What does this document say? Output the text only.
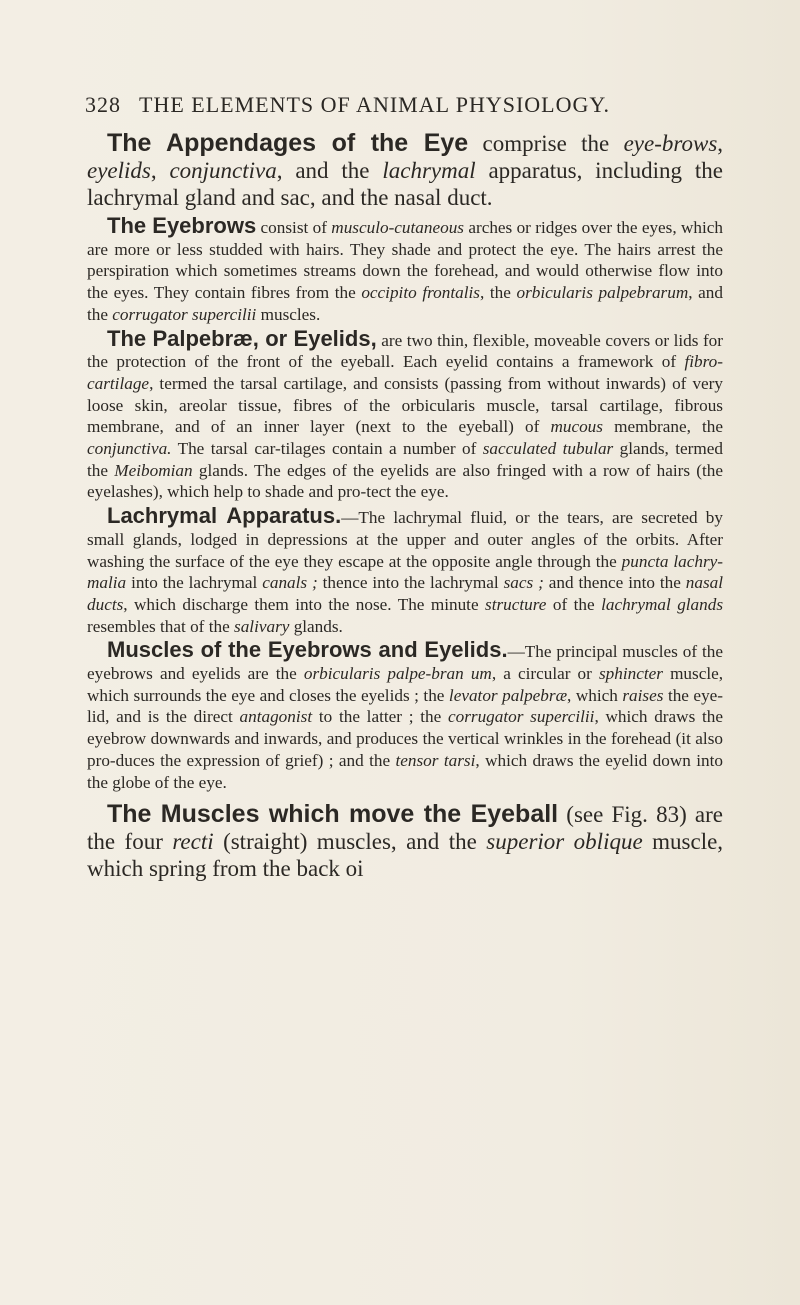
328 THE ELEMENTS OF ANIMAL PHYSIOLOGY.

The Appendages of the Eye comprise the eye-brows, eyelids, conjunctiva, and the lachrymal apparatus, including the lachrymal gland and sac, and the nasal duct.

The Eyebrows consist of musculo-cutaneous arches or ridges over the eyes, which are more or less studded with hairs. They shade and protect the eye. The hairs arrest the perspiration which sometimes streams down the forehead, and would otherwise flow into the eyes. They contain fibres from the occipito frontalis, the orbicularis palpebrarum, and the corrugator supercilii muscles.

The Palpebræ, or Eyelids, are two thin, flexible, moveable covers or lids for the protection of the front of the eyeball. Each eyelid contains a framework of fibro-cartilage, termed the tarsal cartilage, and consists (passing from without inwards) of very loose skin, areolar tissue, fibres of the orbicularis muscle, tarsal cartilage, fibrous membrane, and of an inner layer (next to the eyeball) of mucous membrane, the conjunctiva. The tarsal car-tilages contain a number of sacculated tubular glands, termed the Meibomian glands. The edges of the eyelids are also fringed with a row of hairs (the eyelashes), which help to shade and pro-tect the eye.

Lachrymal Apparatus.—The lachrymal fluid, or the tears, are secreted by small glands, lodged in depressions at the upper and outer angles of the orbits. After washing the surface of the eye they escape at the opposite angle through the puncta lachry-malia into the lachrymal canals ; thence into the lachrymal sacs ; and thence into the nasal ducts, which discharge them into the nose. The minute structure of the lachrymal glands resembles that of the salivary glands.

Muscles of the Eyebrows and Eyelids.—The principal muscles of the eyebrows and eyelids are the orbicularis palpe-bran um, a circular or sphincter muscle, which surrounds the eye and closes the eyelids ; the levator palpebræ, which raises the eye-lid, and is the direct antagonist to the latter ; the corrugator supercilii, which draws the eyebrow downwards and inwards, and produces the vertical wrinkles in the forehead (it also pro-duces the expression of grief) ; and the tensor tarsi, which draws the eyelid down into the globe of the eye.

The Muscles which move the Eyeball (see Fig. 83) are the four recti (straight) muscles, and the superior oblique muscle, which spring from the back oi
